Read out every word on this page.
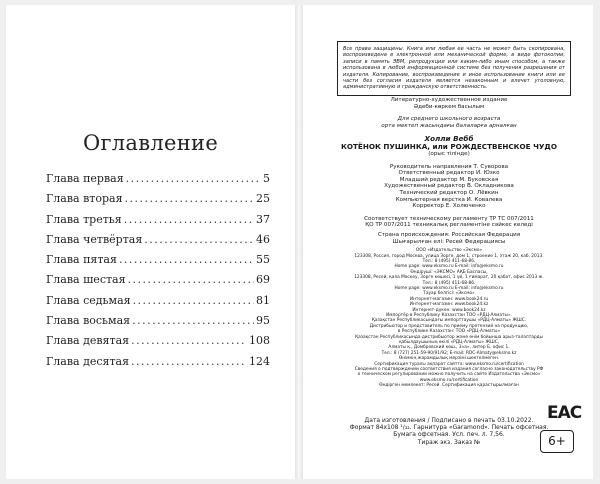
Оглавление
Глава первая .....	5
Глава вторая .....	25
Глава третья .....	37
Глава четвёртая .....	46
Глава пятая .....	55
Глава шестая .....	69
Глава седьмая .....	81
Глава восьмая .....	95
Глава девятая .....	108
Глава десятая .....	124
Все права защищены. Книга или любая ее часть не может быть скопирована, воспроизведена в электронной или механической форме, в виде фотокопии, записи в память ЭВМ, репродукции или каким-либо иным способом, а также использована в любой информационной системе без получения разрешения от издателя. Копирование, воспроизведение и иное использование книги или ее части без согласия издателя является незаконным и влечет уголовную, административную и гражданскую ответственность.

Литературно-художественное издание

Әдеби-көркем басылым

Для среднего школьного возраста

орта мектеп жасындағы балаларға арналған

Холли Вебб

КОТЁНОК ПУШИНКА, или РОЖДЕСТВЕНСКОЕ ЧУДО

(орыс тілінде)

Руководитель направления Т. Суворова

Ответственный редактор И. Юзко

Младший редактор М. Буковская

Художественный редактор В. Окладникова

Технический редактор О. Лёвкин

Компьютерная верстка И. Ковалева

Корректор Е. Холюченко

Соответствует техническому регламенту ТР ТС 007/2011

ҚО ТР 007/2011 техникалық регламентіне сәйкес келеді

Страна происхождения: Российская Федерация

Шығарылған елі: Ресей Федерациясы

ООО «Издательство «Эксмо»

123308, Россия, город Москва, улица Зорге, дом 1, строение 1, этаж 20, каб. 2013.

Тел.: 8 (495) 411-68-86.

Home page: www.eksmo.ru E-mail: info@eksmo.ru

Өндіруші: «ЭКСМО» АҚБ Баспасы,

123308, Ресей, қала Мәскеу, Зорге көшесі, 1 үй, 1 ғимарат, 20 қабат, офис 2013 ж.

Тел.: 8 (495) 411-68-86.

Home page: www.eksmo.ru E-mail: info@eksmo.ru

Тауар белгісі: «Эксмо»

Интернет-магазин: www.book24.ru

Интернет-магазин: www.book24.kz

Интернет-дүкен: www.book24.kz

Импортёр в Республику Казахстан ТОО «РДЦ-Алматы».

Қазақстан Республикасындағы импорттаушы «РДЦ-Алматы» ЖШС.

Дистрибьютор и представитель по приему претензий на продукцию,

в Республике Казахстан: ТОО «РДЦ-Алматы»

Қазақстан Республикасында дистрибьютор және өнім бойынша арыз-талаптарды

қабылдаушының өкілі «РДЦ-Алматы» ЖШС,

Алматы қ., Домбровский көш., 3«а», литер Б, офис 1.

Тел.: 8 (727) 251-59-90/91/92; E-mail: RDC-Almaty@eksmo.kz

Өнімнің жарамдылық мерзімі шектелмеген.

Сертификация туралы ақпарат сайтта: www.eksmo.ru/certification

Сведения о подтверждении соответствия издания согласно законодательству РФ

о техническом регулировании можно получить на сайте Издательства «Эксмо»

www.eksmo.ru/certification

Өндірген мемлекет: Ресей. Сертификация қарастырылмаған

Дата изготовления / Подписано в печать 03.10.2022.

Формат 84x108 ¹/₃₂. Гарнитура «Garamond». Печать офсетная.

Бумага офсетная. Усл. печ. л. 7,56.

Тираж экз. Заказ №

EAC
6+
